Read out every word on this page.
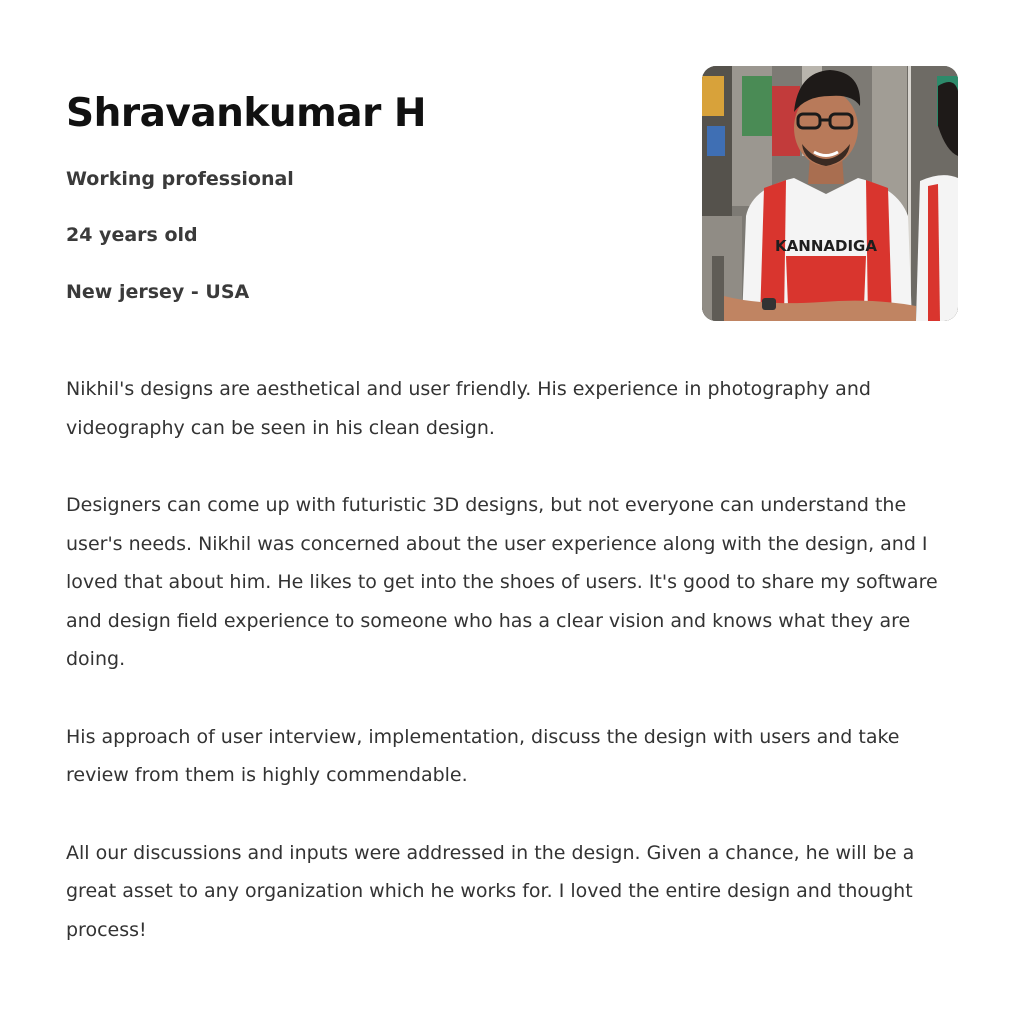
Shravankumar H

Working professional

24 years old

New jersey - USA

KANNADIGA

Nikhil's designs are aesthetical and user friendly. His experience in photography and videography can be seen in his clean design.

Designers can come up with futuristic 3D designs, but not everyone can understand the user's needs. Nikhil was concerned about the user experience along with the design, and I loved that about him. He likes to get into the shoes of users. It's good to share my software and design field experience to someone who has a clear vision and knows what they are doing.

His approach of user interview, implementation, discuss the design with users and take review from them is highly commendable.

All our discussions and inputs were addressed in the design. Given a chance, he will be a great asset to any organization which he works for. I loved the entire design and thought process!
